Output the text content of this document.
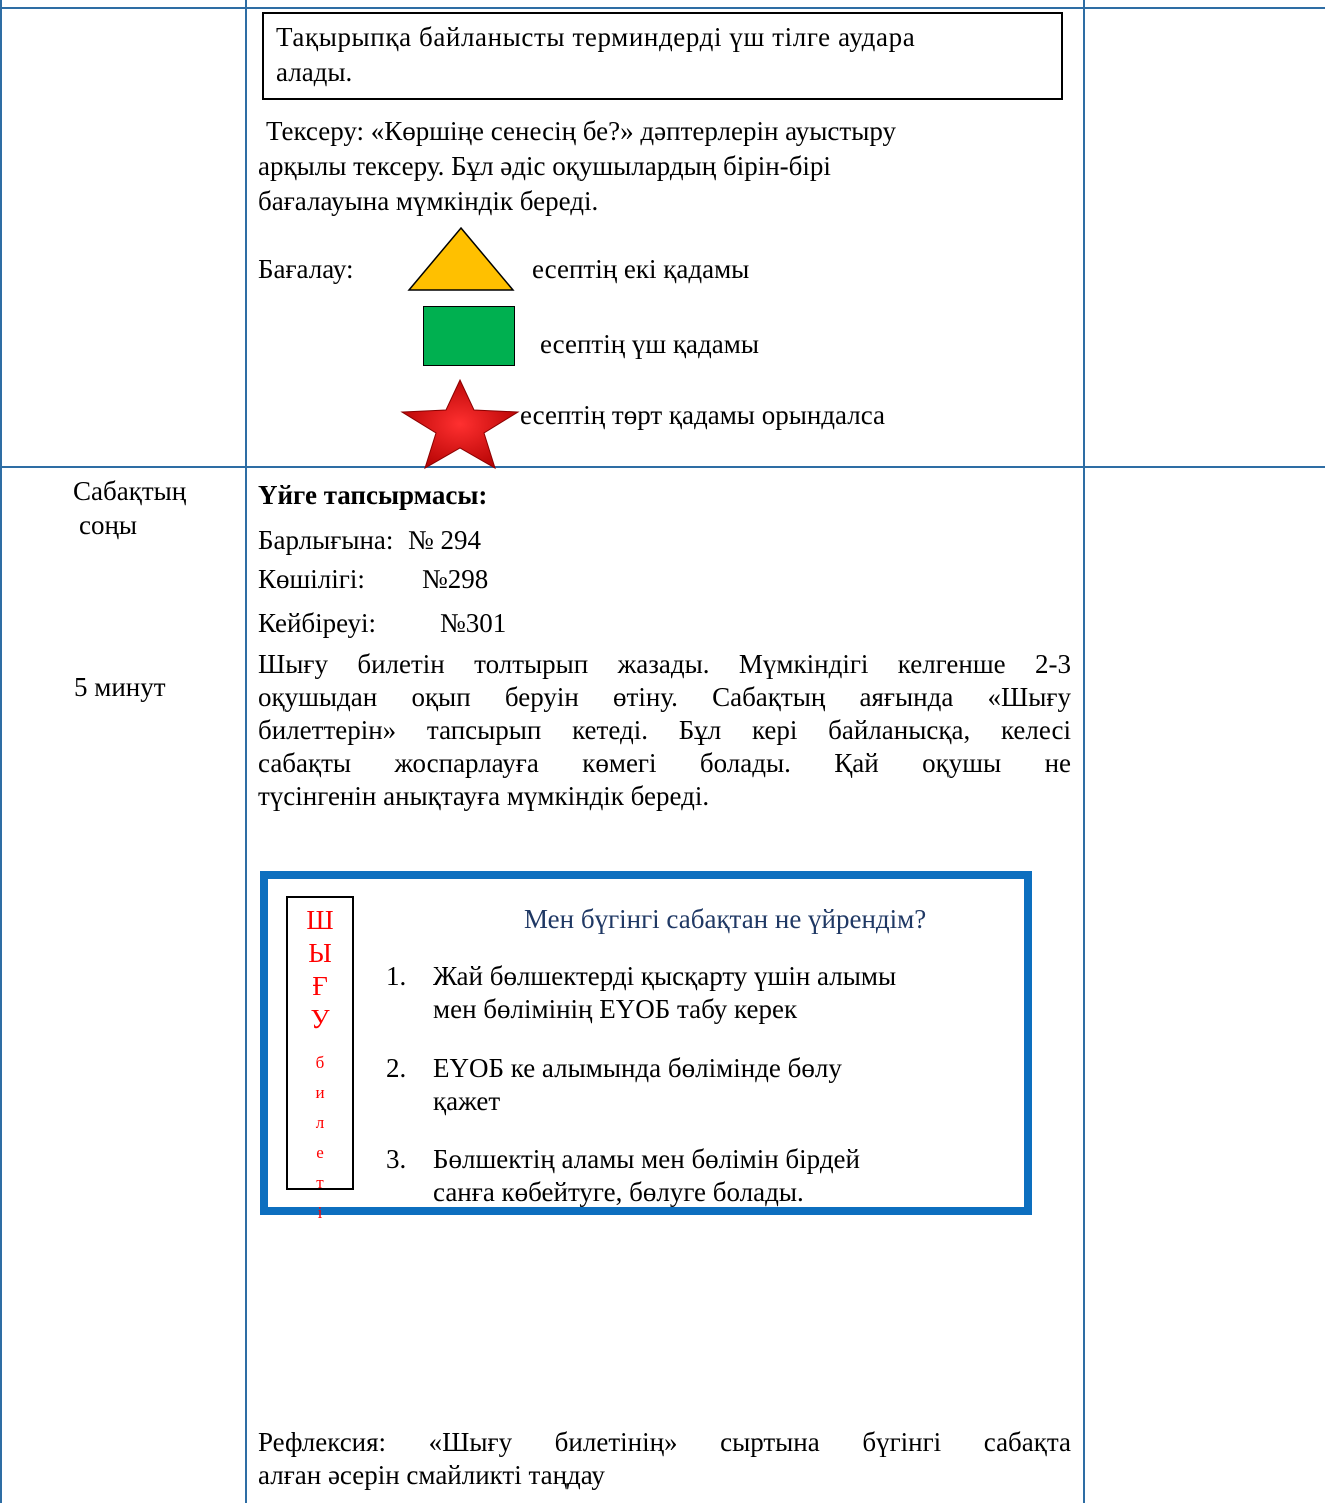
Тақырыпқа байланысты терминдерді үш тілге аудара
алады.
Тексеру: «Көршіңе сенесің бе?» дәптерлерін ауыстыру
арқылы тексеру. Бұл әдіс оқушылардың бірін-бірі
бағалауына мүмкіндік береді.
Бағалау:	есептің екі қадамы
есептің үш қадамы
есептің төрт қадамы орындалса
Сабақтың
соңы
5 минут
Үйге тапсырмасы:
Барлығына: № 294
Көшілігі: №298
Кейбіреуі: №301
Шығу билетін толтырып жазады. Мүмкіндігі келгенше 2-3
оқушыдан оқып беруін өтіну. Сабақтың аяғында «Шығу
билеттерін» тапсырып кетеді. Бұл кері байланысқа, келесі
сабақты жоспарлауға көмегі болады. Қай оқушы не
түсінгенін анықтауға мүмкіндік береді.
Ш
Ы
Ғ
У
б
и
л
е
т
і
Мен бүгінгі сабақтан не үйрендім?
1. Жай бөлшектерді қысқарту үшін алымы
мен бөлімінің ЕҮОБ табу керек
2. ЕҮОБ ке алымында бөлімінде бөлу
қажет
3. Бөлшектің аламы мен бөлімін бірдей
санға көбейтуге, бөлуге болады.
Рефлексия: «Шығу билетінің» сыртына бүгінгі сабақта
алған әсерін смайликті таңдау
